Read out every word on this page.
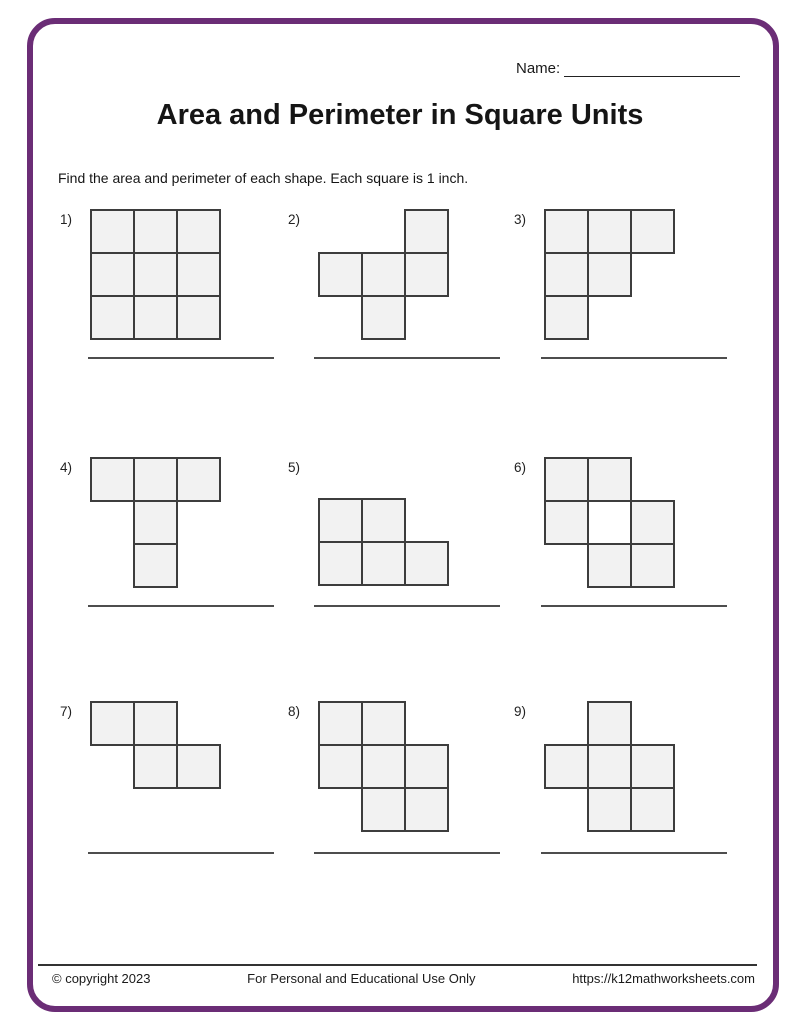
Name:
Area and Perimeter in Square Units

Find the area and perimeter of each shape. Each square is 1 inch.

1)	2)	3)
4)	5)	6)
7)	8)	9)
© copyright 2023	For Personal and Educational Use Only	https://k12mathworksheets.com
